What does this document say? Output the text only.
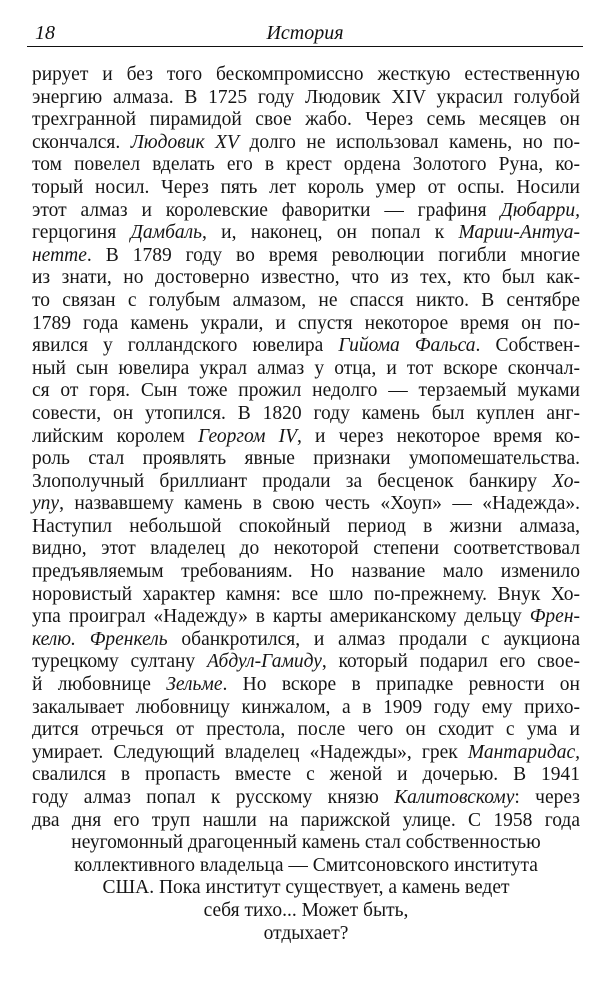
18	История
рирует и без того бескомпромиссно жесткую естественную
энергию алмаза. В 1725 году Людовик XIV украсил голубой
трехгранной пирамидой свое жабо. Через семь месяцев он
скончался. Людовик XV долго не использовал камень, но по-
том повелел вделать его в крест ордена Золотого Руна, ко-
торый носил. Через пять лет король умер от оспы. Носили
этот алмаз и королевские фаворитки — графиня Дюбарри,
герцогиня Дамбаль, и, наконец, он попал к Марии-Антуа-
нетте. В 1789 году во время революции погибли многие
из знати, но достоверно известно, что из тех, кто был как-
то связан с голубым алмазом, не спасся никто. В сентябре
1789 года камень украли, и спустя некоторое время он по-
явился у голландского ювелира Гийома Фальса. Собствен-
ный сын ювелира украл алмаз у отца, и тот вскоре скончал-
ся от горя. Сын тоже прожил недолго — терзаемый муками
совести, он утопился. В 1820 году камень был куплен анг-
лийским королем Георгом IV, и через некоторое время ко-
роль стал проявлять явные признаки умопомешательства.
Злополучный бриллиант продали за бесценок банкиру Хо-
упу, назвавшему камень в свою честь «Хоуп» — «Надежда».
Наступил небольшой спокойный период в жизни алмаза,
видно, этот владелец до некоторой степени соответствовал
предъявляемым требованиям. Но название мало изменило
норовистый характер камня: все шло по-прежнему. Внук Хо-
упа проиграл «Надежду» в карты американскому дельцу Френ-
келю. Френкель обанкротился, и алмаз продали с аукциона
турецкому султану Абдул-Гамиду, который подарил его свое-
й любовнице Зельме. Но вскоре в припадке ревности он
закалывает любовницу кинжалом, а в 1909 году ему прихо-
дится отречься от престола, после чего он сходит с ума и
умирает. Следующий владелец «Надежды», грек Мантаридас,
свалился в пропасть вместе с женой и дочерью. В 1941
году алмаз попал к русскому князю Калитовскому: через
два дня его труп нашли на парижской улице. С 1958 года
неугомонный драгоценный камень стал собственностью
коллективного владельца — Смитсоновского института
США. Пока институт существует, а камень ведет
себя тихо... Может быть,
отдыхает?
